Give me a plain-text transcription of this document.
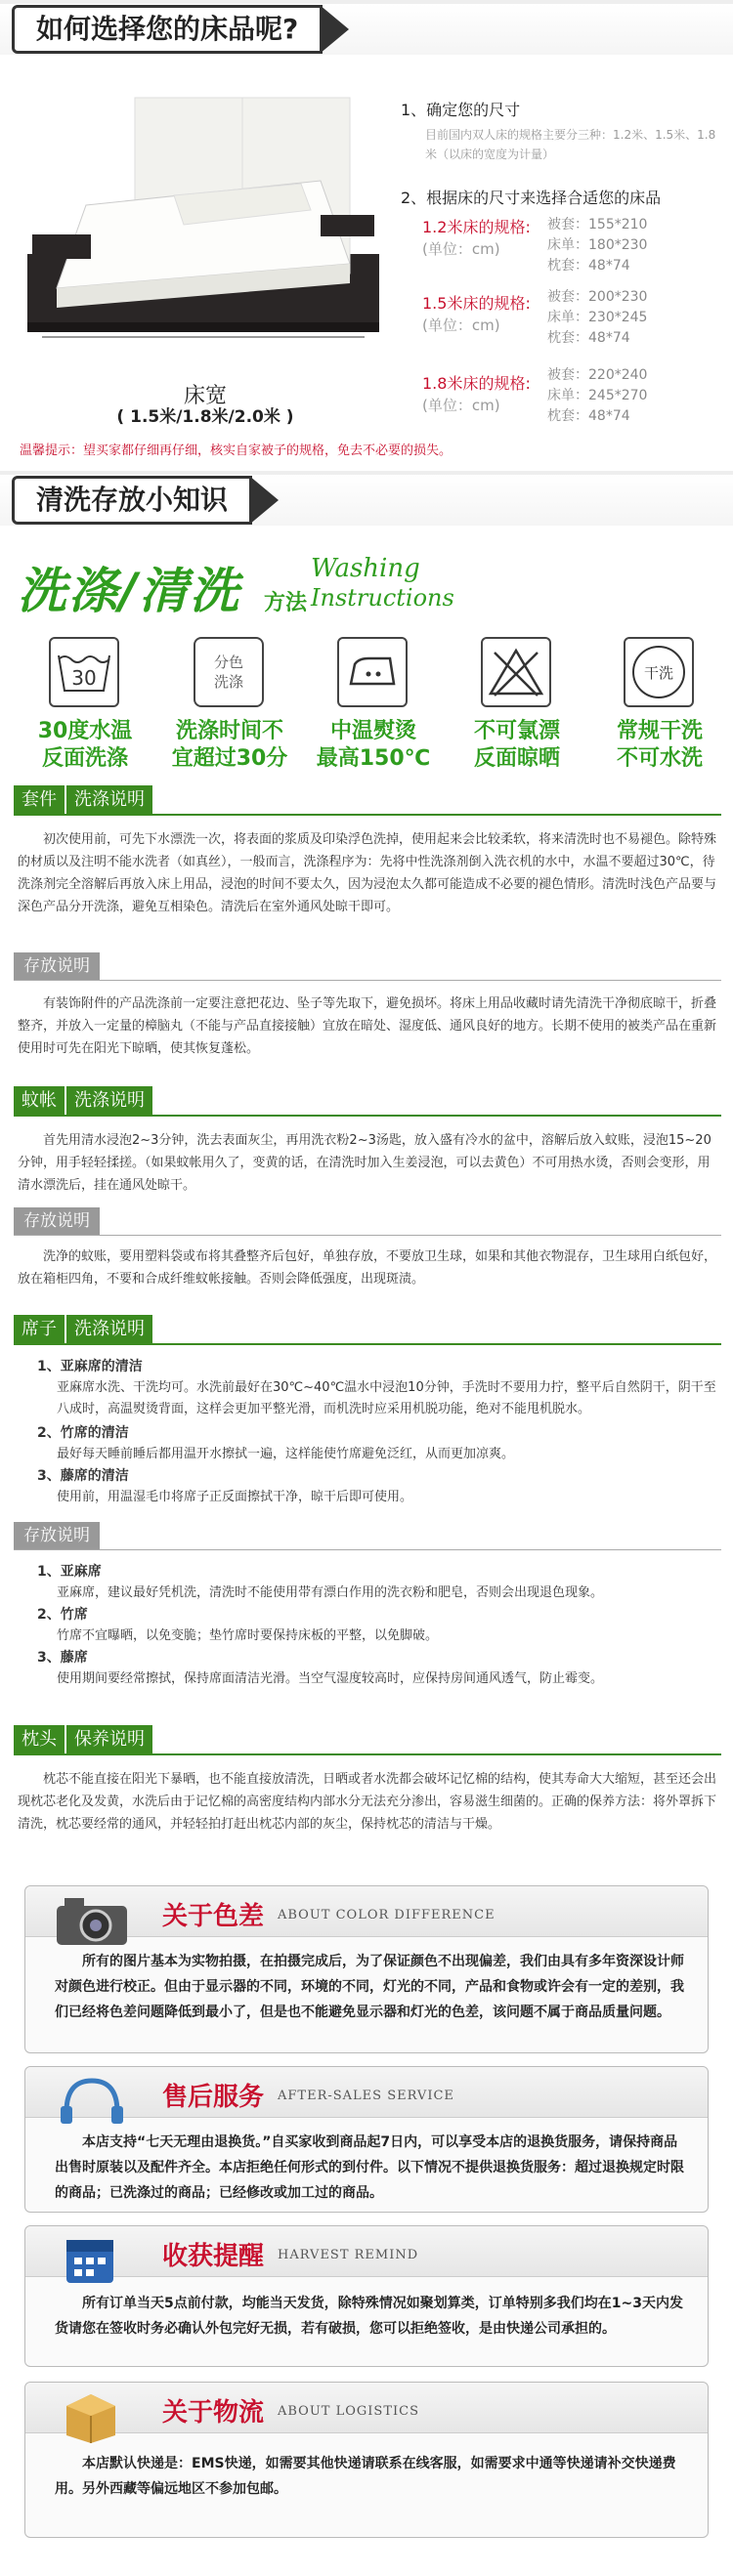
如何选择您的床品呢?
床宽
( 1.5米/1.8米/2.0米 )
1、确定您的尺寸
目前国内双人床的规格主要分三种：1.2米、1.5米、1.8米（以床的宽度为计量）
2、根据床的尺寸来选择合适您的床品
1.2米床的规格:
(单位：cm)
被套：155*210
床单：180*230
枕套：48*74
1.5米床的规格:
(单位：cm)
被套：200*230
床单：230*245
枕套：48*74
1.8米床的规格:
(单位：cm)
被套：220*240
床单：245*270
枕套：48*74
温馨提示：望买家都仔细再仔细，核实自家被子的规格，免去不必要的损失。
清洗存放小知识
洗涤/清洗 方法
Washing
Instructions
30
分色
洗涤
干洗
30度水温
反面洗涤
洗涤时间不
宜超过30分
中温熨烫
最高150℃
不可氯漂
反面晾晒
常规干洗
不可水洗
套件	洗涤说明
初次使用前，可先下水漂洗一次，将表面的浆质及印染浮色洗掉，使用起来会比较柔软，将来清洗时也不易褪色。除特殊的材质以及注明不能水洗者（如真丝），一般而言，洗涤程序为：先将中性洗涤剂倒入洗衣机的水中，水温不要超过30℃，待洗涤剂完全溶解后再放入床上用品，浸泡的时间不要太久，因为浸泡太久都可能造成不必要的褪色情形。清洗时浅色产品要与深色产品分开洗涤，避免互相染色。清洗后在室外通风处晾干即可。
存放说明
有装饰附件的产品洗涤前一定要注意把花边、坠子等先取下，避免损坏。将床上用品收藏时请先清洗干净彻底晾干，折叠整齐，并放入一定量的樟脑丸（不能与产品直接接触）宜放在暗处、湿度低、通风良好的地方。长期不使用的被类产品在重新使用时可先在阳光下晾晒，使其恢复蓬松。
蚊帐	洗涤说明
首先用清水浸泡2~3分钟，洗去表面灰尘，再用洗衣粉2~3汤匙，放入盛有冷水的盆中，溶解后放入蚊账，浸泡15~20分钟，用手轻轻揉搓。（如果蚊帐用久了，变黄的话，在清洗时加入生姜浸泡，可以去黄色）不可用热水烫，否则会变形，用清水漂洗后，挂在通风处晾干。
存放说明
洗净的蚊账，要用塑料袋或布将其叠整齐后包好，单独存放，不要放卫生球，如果和其他衣物混存，卫生球用白纸包好，放在箱柜四角，不要和合成纤维蚊帐接触。否则会降低强度，出现斑渍。
席子	洗涤说明
1、亚麻席的清洁
亚麻席水洗、干洗均可。水洗前最好在30℃~40℃温水中浸泡10分钟，手洗时不要用力拧，整平后自然阴干，阴干至八成时，高温熨烫背面，这样会更加平整光滑，而机洗时应采用机脱功能，绝对不能甩机脱水。
2、竹席的清洁
最好每天睡前睡后都用温开水擦拭一遍，这样能使竹席避免泛红，从而更加凉爽。
3、藤席的清洁
使用前，用温湿毛巾将席子正反面擦拭干净，晾干后即可使用。
存放说明
1、亚麻席
亚麻席，建议最好凭机洗，清洗时不能使用带有漂白作用的洗衣粉和肥皂，否则会出现退色现象。
2、竹席
竹席不宜曝晒，以免变脆；垫竹席时要保持床板的平整，以免脚破。
3、藤席
使用期间要经常擦拭，保持席面清洁光滑。当空气湿度较高时，应保持房间通风透气，防止霉变。
枕头	保养说明
枕芯不能直接在阳光下暴晒，也不能直接放清洗，日晒或者水洗都会破坏记忆棉的结构，使其寿命大大缩短，甚至还会出现枕芯老化及发黄，水洗后由于记忆棉的高密度结构内部水分无法充分渗出，容易滋生细菌的。正确的保养方法：将外罩拆下清洗，枕芯要经常的通风，并轻轻拍打赶出枕芯内部的灰尘，保持枕芯的清洁与干燥。
关于色差 ABOUT COLOR DIFFERENCE
所有的图片基本为实物拍摄，在拍摄完成后，为了保证颜色不出现偏差，我们由具有多年资深设计师对颜色进行校正。但由于显示器的不同，环境的不同，灯光的不同，产品和食物或许会有一定的差别，我们已经将色差问题降低到最小了，但是也不能避免显示器和灯光的色差，该问题不属于商品质量问题。
售后服务 AFTER-SALES SERVICE
本店支持“七天无理由退换货。”自买家收到商品起7日内，可以享受本店的退换货服务，请保持商品出售时原装以及配件齐全。本店拒绝任何形式的到付件。以下情况不提供退换货服务：超过退换规定时限的商品；已洗涤过的商品；已经修改或加工过的商品。
收获提醒 HARVEST REMIND
所有订单当天5点前付款，均能当天发货，除特殊情况如聚划算类，订单特别多我们均在1~3天内发货请您在签收时务必确认外包完好无损，若有破损，您可以拒绝签收，是由快递公司承担的。
关于物流 ABOUT LOGISTICS
本店默认快递是：EMS快递，如需要其他快递请联系在线客服，如需要求中通等快递请补交快递费用。另外西藏等偏远地区不参加包邮。
